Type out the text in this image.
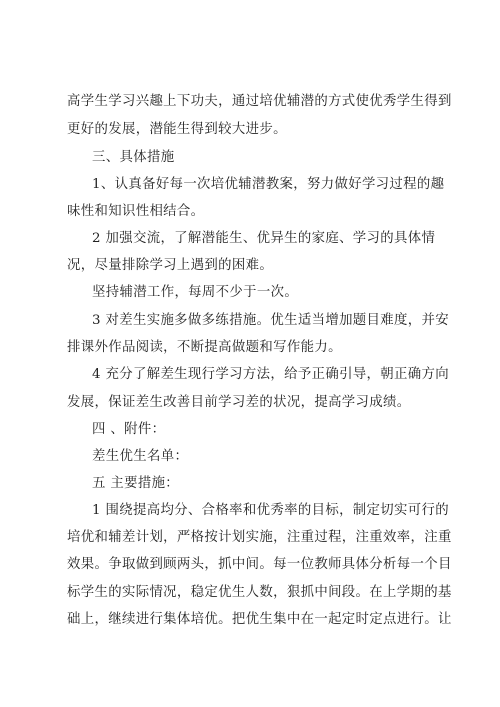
高学生学习兴趣上下功夫，通过培优辅潜的方式使优秀学生得到
更好的发展，潜能生得到较大进步。
三、具体措施
1、认真备好每一次培优辅潜教案，努力做好学习过程的趣
味性和知识性相结合。
2 加强交流，了解潜能生、优异生的家庭、学习的具体情
况，尽量排除学习上遇到的困难。
坚持辅潜工作，每周不少于一次。
3 对差生实施多做多练措施。优生适当增加题目难度，并安
排课外作品阅读，不断提高做题和写作能力。
4 充分了解差生现行学习方法，给予正确引导，朝正确方向
发展，保证差生改善目前学习差的状况，提高学习成绩。
四 、附件：
差生优生名单：
五 主要措施：
1 围绕提高均分、合格率和优秀率的目标，制定切实可行的
培优和辅差计划，严格按计划实施，注重过程，注重效率，注重
效果。争取做到顾两头，抓中间。每一位教师具体分析每一个目
标学生的实际情况，稳定优生人数，狠抓中间段。在上学期的基
础上，继续进行集体培优。把优生集中在一起定时定点进行。让
